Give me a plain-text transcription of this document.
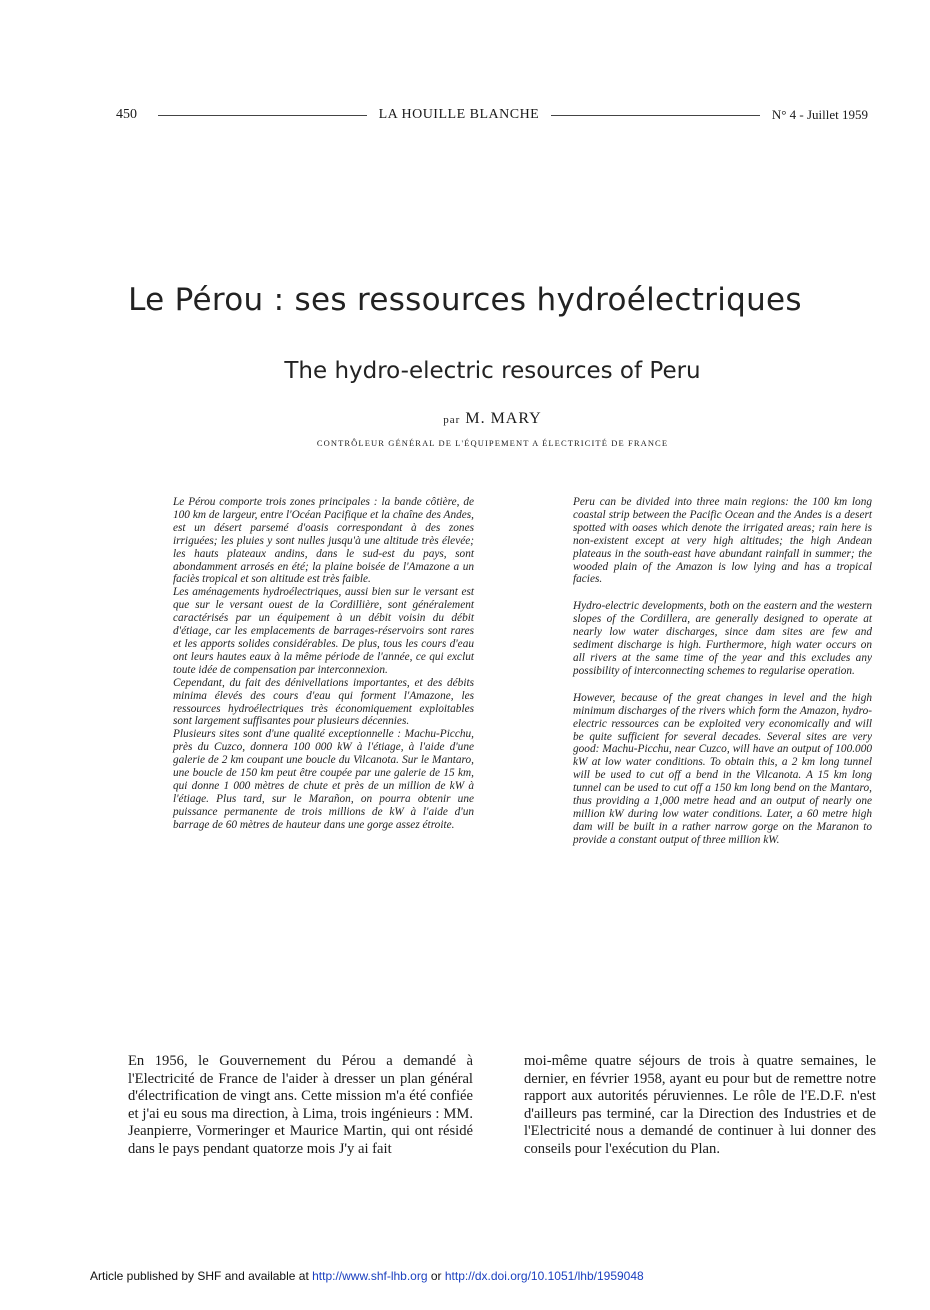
450	LA HOUILLE BLANCHE	N° 4 - Juillet 1959
Le Pérou : ses ressources hydroélectriques
The hydro-electric resources of Peru
par M. MARY
CONTRÔLEUR GÉNÉRAL DE L'ÉQUIPEMENT A ÉLECTRICITÉ DE FRANCE

Le Pérou comporte trois zones principales : la bande côtière, de 100 km de largeur, entre l'Océan Pacifique et la chaîne des Andes, est un désert parsemé d'oasis correspondant à des zones irriguées; les pluies y sont nulles jusqu'à une altitude très élevée; les hauts plateaux andins, dans le sud-est du pays, sont abondamment arrosés en été; la plaine boisée de l'Amazone a un faciès tropical et son altitude est très faible.

Les aménagements hydroélectriques, aussi bien sur le versant est que sur le versant ouest de la Cordillière, sont généralement caractérisés par un équipement à un débit voisin du débit d'étiage, car les emplacements de barrages-réservoirs sont rares et les apports solides considérables. De plus, tous les cours d'eau ont leurs hautes eaux à la même période de l'année, ce qui exclut toute idée de compensation par interconnexion.

Cependant, du fait des dénivellations importantes, et des débits minima élevés des cours d'eau qui forment l'Amazone, les ressources hydroélectriques très économiquement exploitables sont largement suffisantes pour plusieurs décennies.

Plusieurs sites sont d'une qualité exceptionnelle : Machu-Picchu, près du Cuzco, donnera 100 000 kW à l'étiage, à l'aide d'une galerie de 2 km coupant une boucle du Vilcanota. Sur le Mantaro, une boucle de 150 km peut être coupée par une galerie de 15 km, qui donne 1 000 mètres de chute et près de un million de kW à l'étiage. Plus tard, sur le Marañon, on pourra obtenir une puissance permanente de trois millions de kW à l'aide d'un barrage de 60 mètres de hauteur dans une gorge assez étroite.

Peru can be divided into three main regions: the 100 km long coastal strip between the Pacific Ocean and the Andes is a desert spotted with oases which denote the irrigated areas; rain here is non-existent except at very high altitudes; the high Andean plateaus in the south-east have abundant rainfall in summer; the wooded plain of the Amazon is low lying and has a tropical facies.

Hydro-electric developments, both on the eastern and the western slopes of the Cordillera, are generally designed to operate at nearly low water discharges, since dam sites are few and sediment discharge is high. Furthermore, high water occurs on all rivers at the same time of the year and this excludes any possibility of interconnecting schemes to regularise operation.

However, because of the great changes in level and the high minimum discharges of the rivers which form the Amazon, hydro-electric ressources can be exploited very economically and will be quite sufficient for several decades. Several sites are very good: Machu-Picchu, near Cuzco, will have an output of 100.000 kW at low water conditions. To obtain this, a 2 km long tunnel will be used to cut off a bend in the Vilcanota. A 15 km long tunnel can be used to cut off a 150 km long bend on the Mantaro, thus providing a 1,000 metre head and an output of nearly one million kW during low water conditions. Later, a 60 metre high dam will be built in a rather narrow gorge on the Maranon to provide a constant output of three million kW.

En 1956, le Gouvernement du Pérou a demandé à l'Electricité de France de l'aider à dresser un plan général d'électrification de vingt ans. Cette mission m'a été confiée et j'ai eu sous ma direction, à Lima, trois ingénieurs : MM. Jeanpierre, Vormeringer et Maurice Martin, qui ont résidé dans le pays pendant quatorze mois J'y ai fait

moi-même quatre séjours de trois à quatre semaines, le dernier, en février 1958, ayant eu pour but de remettre notre rapport aux autorités péruviennes. Le rôle de l'E.D.F. n'est d'ailleurs pas terminé, car la Direction des Industries et de l'Electricité nous a demandé de continuer à lui donner des conseils pour l'exécution du Plan.

Article published by SHF and available at http://www.shf-lhb.org or http://dx.doi.org/10.1051/lhb/1959048
